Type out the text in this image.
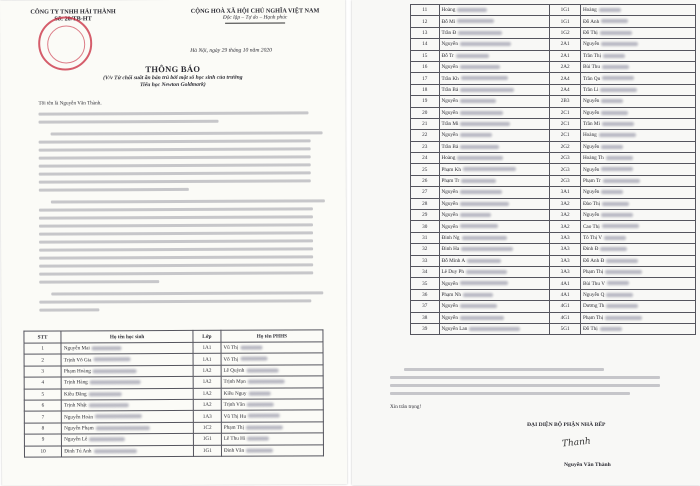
CÔNG TY TNHH HẢI THÀNH
Số: 20/TB-HT
CỘNG HOÀ XÃ HỘI CHỦ NGHĨA VIỆT NAM
Độc lập – Tự do – Hạnh phúc
Hà Nội, ngày 29 tháng 10 năm 2020
THÔNG BÁO
(V/v Từ chối suất ăn bán trú bởi một số học sinh của trường
Tiểu học Newton Goldmark)
Tôi tên là Nguyễn Văn Thành.
STT	Họ tên học sinh	Lớp	Họ tên PHHS
1	Nguyễn Mai	1A1	Vũ Thị
2	Trịnh Võ Gia	1A1	Võ Thị
3	Phạm Hoàng	1A2	Lê Quỳnh
4	Trịnh Hàng	1A2	Trịnh Mạn
5	Kiều Đăng	1A2	Kiều Nguy
6	Trịnh Nhật	1A2	Trịnh Văn
7	Nguyễn Hoàn	1A3	Vũ Thị Hu
8	Nguyễn Phạm	1C2	Phạm Thị
9	Nguyễn Lê	1G1	Lê Thu Hi
10	Đinh Tú Anh	1G1	Đinh Văn
11	Hoàng	1G1	Hoàng
12	Đỗ Mi	1G1	Đỗ Anh
13	Trần Đ	1G2	Đỗ Thị
14	Nguyễn	2A1	Nguyễn
15	Đỗ Tr	2A1	Trần Thị
16	Nguyễn	2A2	Bùi Thu
17	Trần Kh	2A4	Trần Qu
18	Trần Bả	2A4	Trần Li
19	Nguyễn	2B3	Nguyễn
20	Nguyễn	2C1	Nguyễn
21	Trần Mi	2C1	Trần Mi
22	Nguyễn	2C1	Hoàng
23	Trần Bả	2G2	Nguyễn
24	Hoàng	2G3	Hoàng Th
25	Phạm Kh	2G3	Nguyễn
26	Phạm Tr	2G3	Phạm Tr
27	Nguyễn	3A1	Nguyễn
28	Nguyễn	3A2	Đào Thị
29	Nguyễn	3A2	Nguyễn
30	Nguyễn	3A2	Cao Thị
31	Đinh Ng	3A3	Tô Thị V
32	Đinh Ha	3A3	Đinh Đ
33	Đỗ Minh A	3A3	Đỗ Anh Đ
34	Lê Duy Ph	3A3	Phạm Thị
35	Nguyễn	4A1	Bùi Thu V
36	Phạm Nh	4A1	Nguyễn Q
37	Nguyễn	4G1	Dương Th
38	Nguyễn	4G1	Phạm Thị
39	Nguyễn Lan	5G1	Đỗ Thị
Xin trân trọng!
ĐẠI DIỆN BỘ PHẬN NHÀ BẾP
Thanh
Nguyễn Văn Thành
